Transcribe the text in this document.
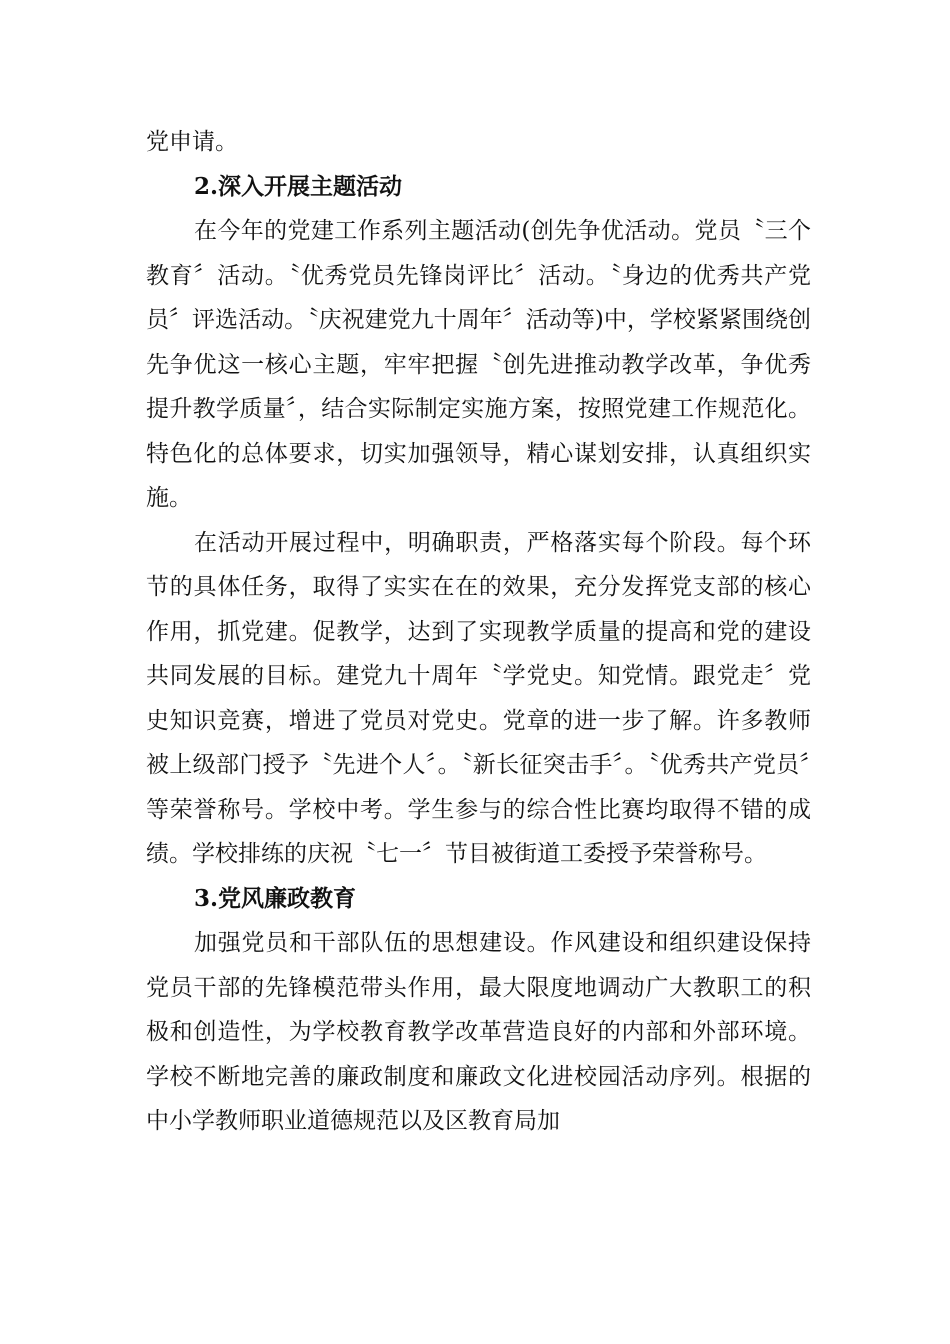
党申请。

2.深入开展主题活动

在今年的党建工作系列主题活动(创先争优活动。党员〝三个教育〞活动。〝优秀党员先锋岗评比〞活动。〝身边的优秀共产党员〞评选活动。〝庆祝建党九十周年〞活动等)中，学校紧紧围绕创先争优这一核心主题，牢牢把握〝创先进推动教学改革，争优秀提升教学质量〞，结合实际制定实施方案，按照党建工作规范化。特色化的总体要求，切实加强领导，精心谋划安排，认真组织实施。

在活动开展过程中，明确职责，严格落实每个阶段。每个环节的具体任务，取得了实实在在的效果，充分发挥党支部的核心作用，抓党建。促教学，达到了实现教学质量的提高和党的建设共同发展的目标。建党九十周年〝学党史。知党情。跟党走〞党史知识竞赛，增进了党员对党史。党章的进一步了解。许多教师被上级部门授予〝先进个人〞。〝新长征突击手〞。〝优秀共产党员〞等荣誉称号。学校中考。学生参与的综合性比赛均取得不错的成绩。学校排练的庆祝〝七一〞节目被街道工委授予荣誉称号。

3.党风廉政教育

加强党员和干部队伍的思想建设。作风建设和组织建设保持党员干部的先锋模范带头作用，最大限度地调动广大教职工的积极和创造性，为学校教育教学改革营造良好的内部和外部环境。学校不断地完善的廉政制度和廉政文化进校园活动序列。根据的中小学教师职业道德规范以及区教育局加
